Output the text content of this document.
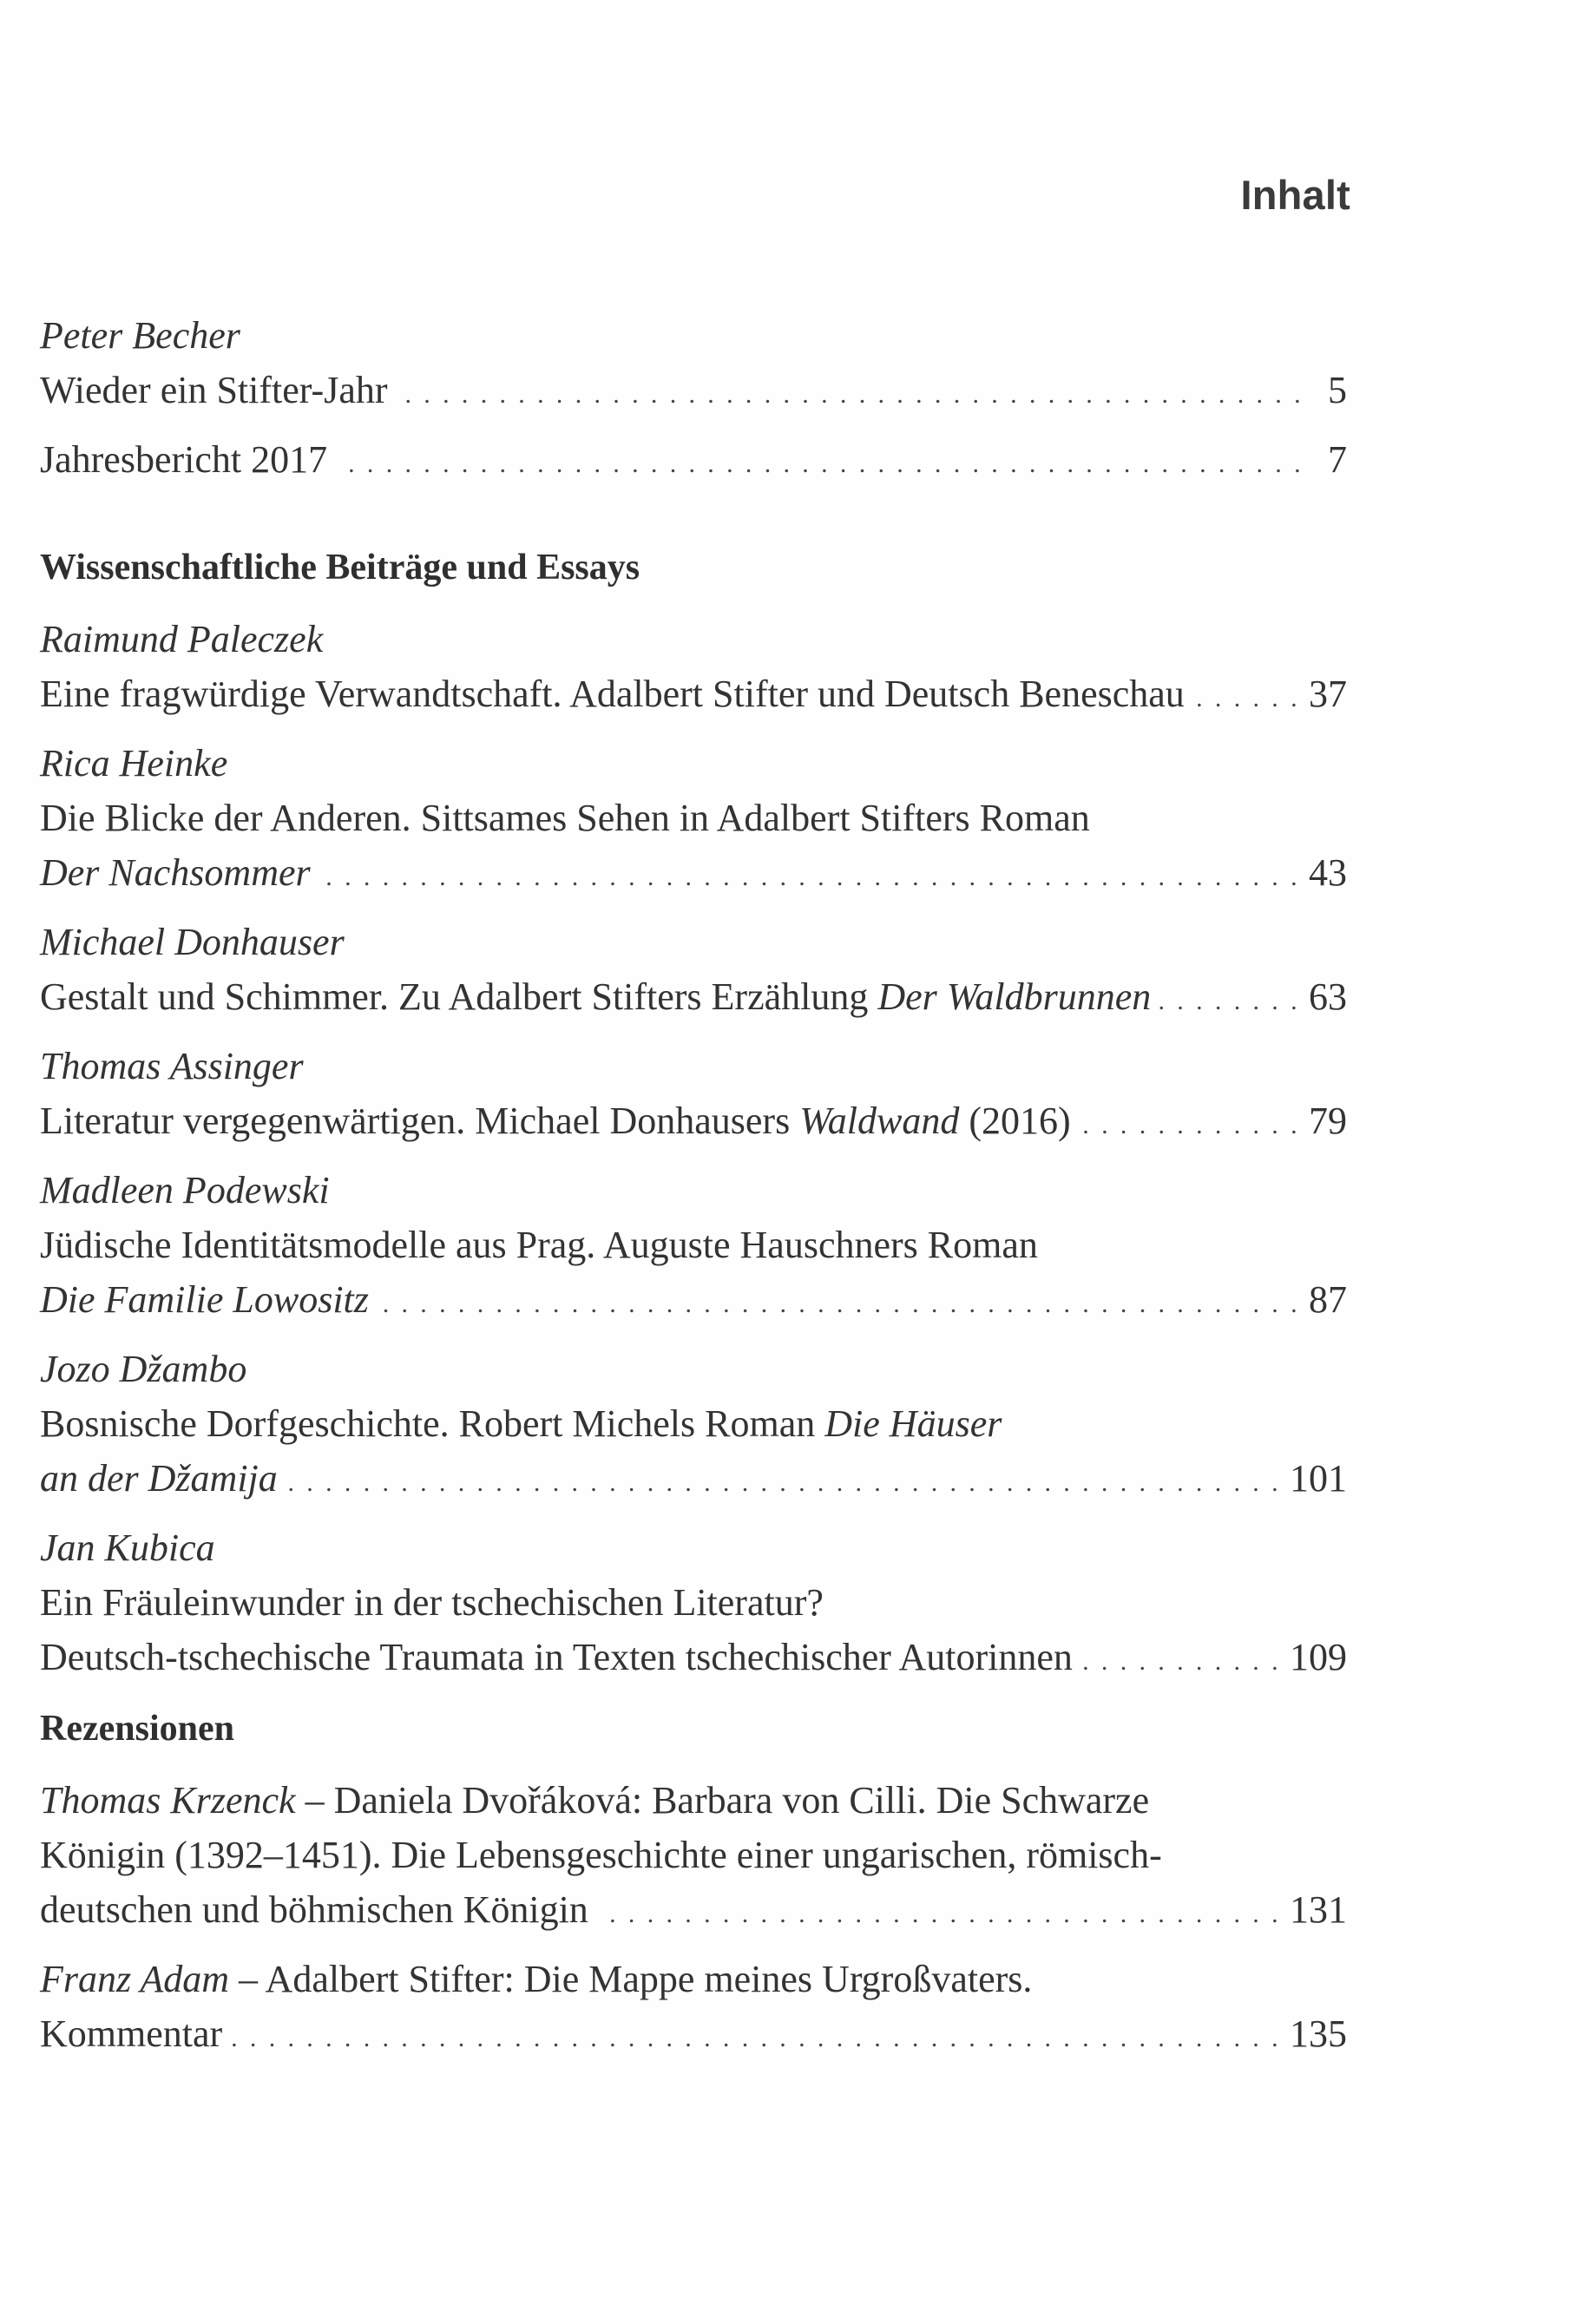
Inhalt
Peter Becher
Wieder ein Stifter-Jahr . . .	5
Jahresbericht 2017 . . .	7
Wissenschaftliche Beiträge und Essays
Raimund Paleczek
Eine fragwürdige Verwandtschaft. Adalbert Stifter und Deutsch Beneschau . . .	37
Rica Heinke
Die Blicke der Anderen. Sittsames Sehen in Adalbert Stifters Roman
Der Nachsommer . . .	43
Michael Donhauser
Gestalt und Schimmer. Zu Adalbert Stifters Erzählung Der Waldbrunnen . . .	63
Thomas Assinger
Literatur vergegenwärtigen. Michael Donhausers Waldwand (2016) . . .	79
Madleen Podewski
Jüdische Identitätsmodelle aus Prag. Auguste Hauschners Roman
Die Familie Lowositz . . .	87
Jozo Džambo
Bosnische Dorfgeschichte. Robert Michels Roman Die Häuser
an der Džamija . . .	101
Jan Kubica
Ein Fräuleinwunder in der tschechischen Literatur?
Deutsch-tschechische Traumata in Texten tschechischer Autorinnen . . .	109
Rezensionen
Thomas Krzenck – Daniela Dvořáková: Barbara von Cilli. Die Schwarze
Königin (1392–1451). Die Lebensgeschichte einer ungarischen, römisch-
deutschen und böhmischen Königin . . .	131
Franz Adam – Adalbert Stifter: Die Mappe meines Urgroßvaters.
Kommentar . . .	135
